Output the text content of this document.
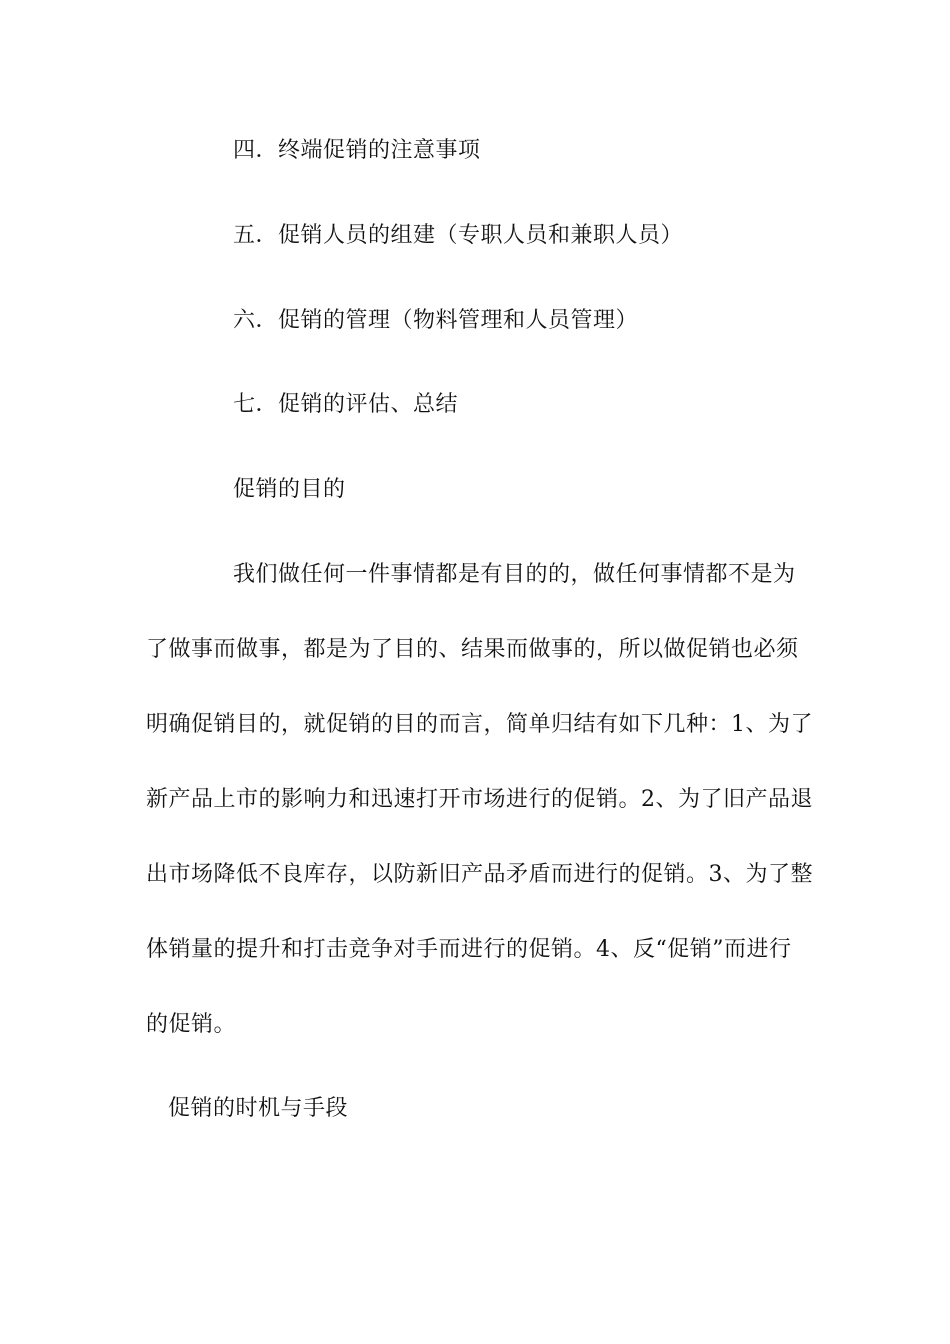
四．终端促销的注意事项
五．促销人员的组建（专职人员和兼职人员）
六．促销的管理（物料管理和人员管理）
七．促销的评估、总结
促销的目的
我们做任何一件事情都是有目的的，做任何事情都不是为
了做事而做事，都是为了目的、结果而做事的，所以做促销也必须
明确促销目的，就促销的目的而言，简单归结有如下几种：1、为了
新产品上市的影响力和迅速打开市场进行的促销。2、为了旧产品退
出市场降低不良库存，以防新旧产品矛盾而进行的促销。3、为了整
体销量的提升和打击竞争对手而进行的促销。4、反“促销”而进行
的促销。
促销的时机与手段
